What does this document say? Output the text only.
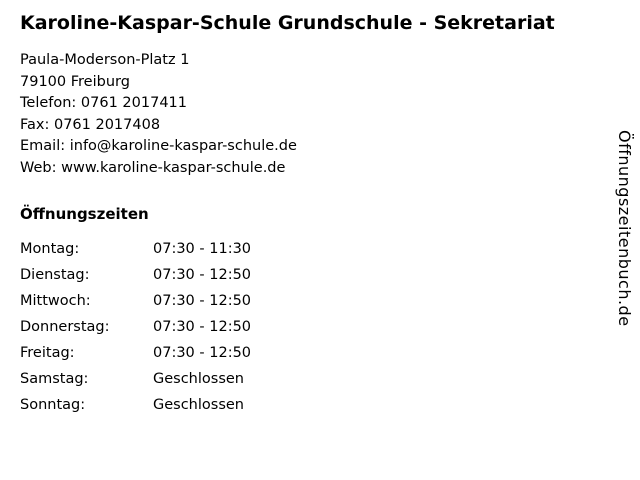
Karoline-Kaspar-Schule Grundschule - Sekretariat
Paula-Moderson-Platz 1
79100 Freiburg
Telefon: 0761 2017411
Fax: 0761 2017408
Email: info@karoline-kaspar-schule.de
Web: www.karoline-kaspar-schule.de
Öffnungszeiten
Montag:	07:30 - 11:30
Dienstag:	07:30 - 12:50
Mittwoch:	07:30 - 12:50
Donnerstag:	07:30 - 12:50
Freitag:	07:30 - 12:50
Samstag:	Geschlossen
Sonntag:	Geschlossen
Öffnungszeitenbuch.de
